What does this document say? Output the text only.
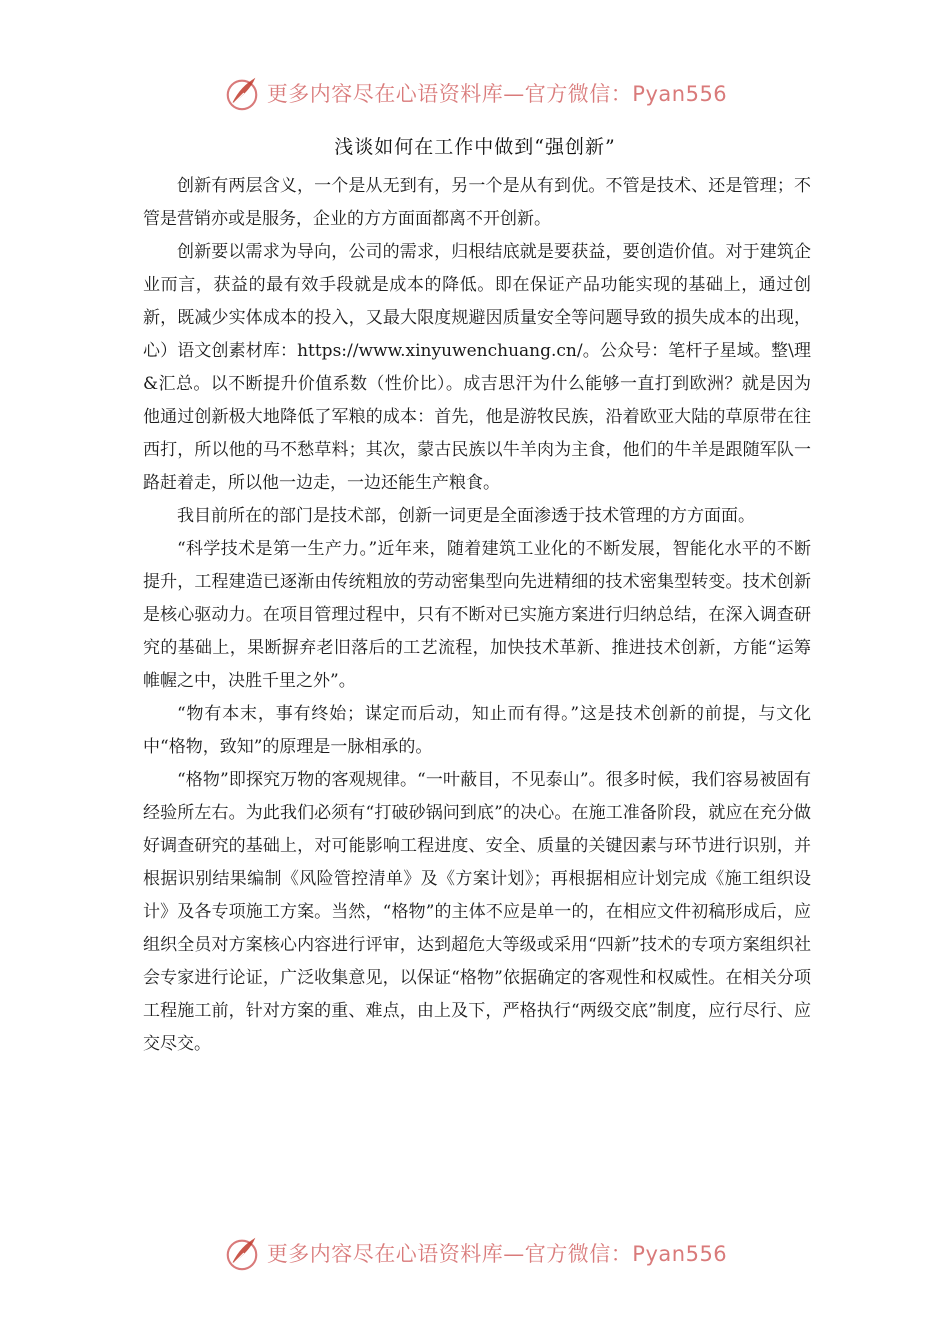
更多内容尽在心语资料库—官方微信：Pyan556
浅谈如何在工作中做到“强创新”

创新有两层含义，一个是从无到有，另一个是从有到优。不管是技术、还是管理；不管是营销亦或是服务，企业的方方面面都离不开创新。

创新要以需求为导向，公司的需求，归根结底就是要获益，要创造价值。对于建筑企业而言，获益的最有效手段就是成本的降低。即在保证产品功能实现的基础上，通过创新，既减少实体成本的投入，又最大限度规避因质量安全等问题导致的损失成本的出现，心）语文创素材库：https://www.xinyuwenchuang.cn/。公众号：笔杆子星域。整\理&汇总。以不断提升价值系数（性价比）。成吉思汗为什么能够一直打到欧洲？就是因为他通过创新极大地降低了军粮的成本：首先，他是游牧民族，沿着欧亚大陆的草原带在往西打，所以他的马不愁草料；其次，蒙古民族以牛羊肉为主食，他们的牛羊是跟随军队一路赶着走，所以他一边走，一边还能生产粮食。

我目前所在的部门是技术部，创新一词更是全面渗透于技术管理的方方面面。

“科学技术是第一生产力。”近年来，随着建筑工业化的不断发展，智能化水平的不断提升，工程建造已逐渐由传统粗放的劳动密集型向先进精细的技术密集型转变。技术创新是核心驱动力。在项目管理过程中，只有不断对已实施方案进行归纳总结，在深入调查研究的基础上，果断摒弃老旧落后的工艺流程，加快技术革新、推进技术创新，方能“运筹帷幄之中，决胜千里之外”。

“物有本末，事有终始；谋定而后动，知止而有得。”这是技术创新的前提，与文化中“格物，致知”的原理是一脉相承的。

“格物”即探究万物的客观规律。“一叶蔽目，不见泰山”。很多时候，我们容易被固有经验所左右。为此我们必须有“打破砂锅问到底”的决心。在施工准备阶段，就应在充分做好调查研究的基础上，对可能影响工程进度、安全、质量的关键因素与环节进行识别，并根据识别结果编制《风险管控清单》及《方案计划》；再根据相应计划完成《施工组织设计》及各专项施工方案。当然，“格物”的主体不应是单一的，在相应文件初稿形成后，应组织全员对方案核心内容进行评审，达到超危大等级或采用“四新”技术的专项方案组织社会专家进行论证，广泛收集意见，以保证“格物”依据确定的客观性和权威性。在相关分项工程施工前，针对方案的重、难点，由上及下，严格执行“两级交底”制度，应行尽行、应交尽交。

更多内容尽在心语资料库—官方微信：Pyan556
